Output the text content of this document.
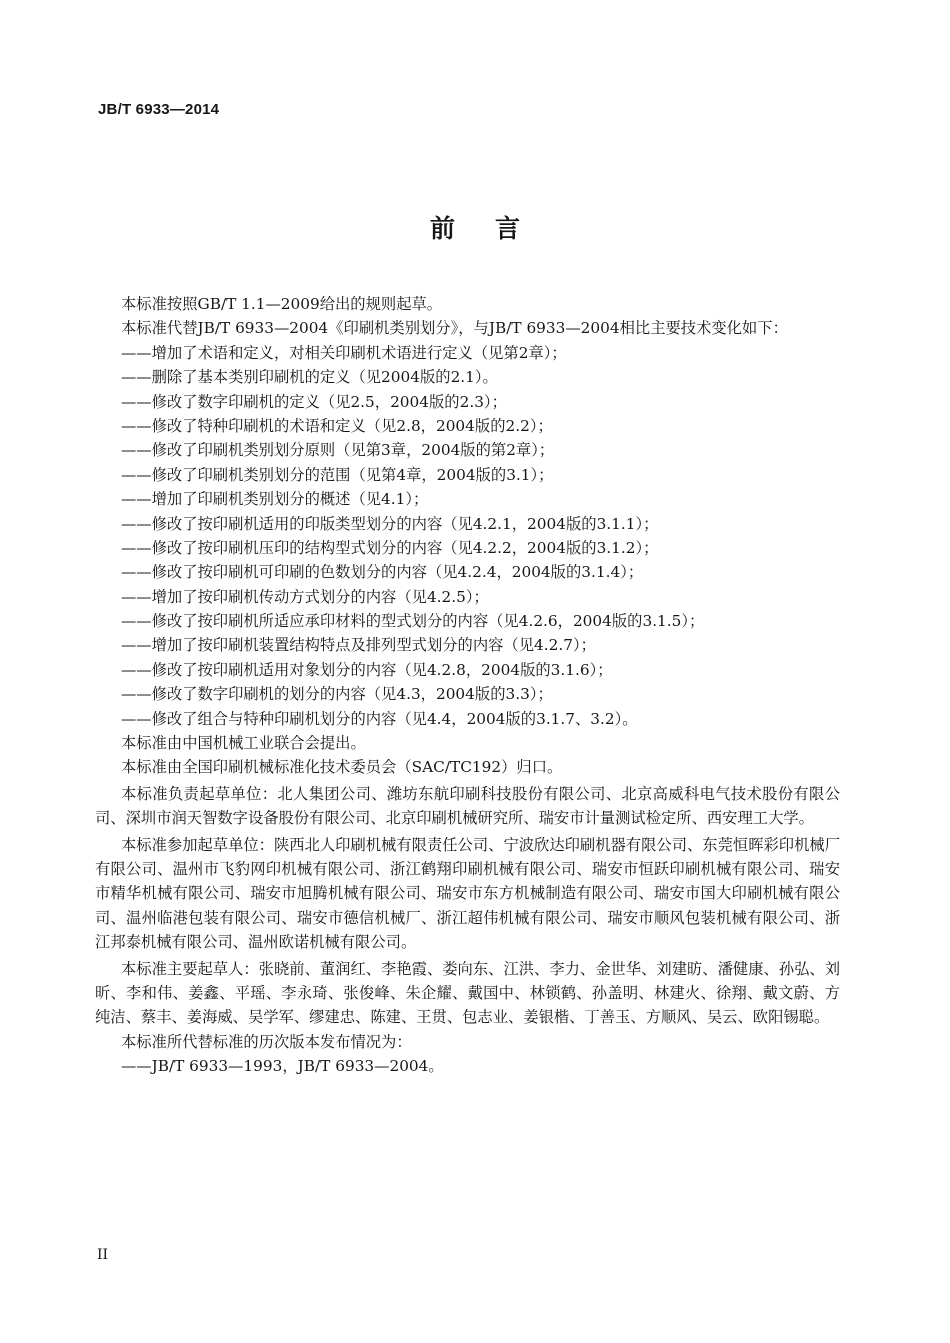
JB/T 6933—2014
前言
本标准按照GB/T 1.1—2009给出的规则起草。
本标准代替JB/T 6933—2004《印刷机类别划分》，与JB/T 6933—2004相比主要技术变化如下：
——增加了术语和定义，对相关印刷机术语进行定义（见第2章）；
——删除了基本类别印刷机的定义（见2004版的2.1）。
——修改了数字印刷机的定义（见2.5，2004版的2.3）；
——修改了特种印刷机的术语和定义（见2.8，2004版的2.2）；
——修改了印刷机类别划分原则（见第3章，2004版的第2章）；
——修改了印刷机类别划分的范围（见第4章，2004版的3.1）；
——增加了印刷机类别划分的概述（见4.1）；
——修改了按印刷机适用的印版类型划分的内容（见4.2.1，2004版的3.1.1）；
——修改了按印刷机压印的结构型式划分的内容（见4.2.2，2004版的3.1.2）；
——修改了按印刷机可印刷的色数划分的内容（见4.2.4，2004版的3.1.4）；
——增加了按印刷机传动方式划分的内容（见4.2.5）；
——修改了按印刷机所适应承印材料的型式划分的内容（见4.2.6，2004版的3.1.5）；
——增加了按印刷机装置结构特点及排列型式划分的内容（见4.2.7）；
——修改了按印刷机适用对象划分的内容（见4.2.8，2004版的3.1.6）；
——修改了数字印刷机的划分的内容（见4.3，2004版的3.3）；
——修改了组合与特种印刷机划分的内容（见4.4，2004版的3.1.7、3.2）。
本标准由中国机械工业联合会提出。
本标准由全国印刷机械标准化技术委员会（SAC/TC192）归口。
本标准负责起草单位：北人集团公司、潍坊东航印刷科技股份有限公司、北京高威科电气技术股份有限公司、深圳市润天智数字设备股份有限公司、北京印刷机械研究所、瑞安市计量测试检定所、西安理工大学。
本标准参加起草单位：陕西北人印刷机械有限责任公司、宁波欣达印刷机器有限公司、东莞恒晖彩印机械厂有限公司、温州市飞豹网印机械有限公司、浙江鹤翔印刷机械有限公司、瑞安市恒跃印刷机械有限公司、瑞安市精华机械有限公司、瑞安市旭腾机械有限公司、瑞安市东方机械制造有限公司、瑞安市国大印刷机械有限公司、温州临港包装有限公司、瑞安市德信机械厂、浙江超伟机械有限公司、瑞安市顺风包装机械有限公司、浙江邦泰机械有限公司、温州欧诺机械有限公司。
本标准主要起草人：张晓前、董润红、李艳霞、娄向东、江洪、李力、金世华、刘建昉、潘健康、孙弘、刘昕、李和伟、姜鑫、平瑶、李永琦、张俊峰、朱企耀、戴国中、林锁鹤、孙盖明、林建火、徐翔、戴文蔚、方纯洁、蔡丰、姜海威、吴学军、缪建忠、陈建、王贯、包志业、姜银楷、丁善玉、方顺风、吴云、欧阳锡聪。
本标准所代替标准的历次版本发布情况为：
——JB/T 6933—1993，JB/T 6933—2004。
II
